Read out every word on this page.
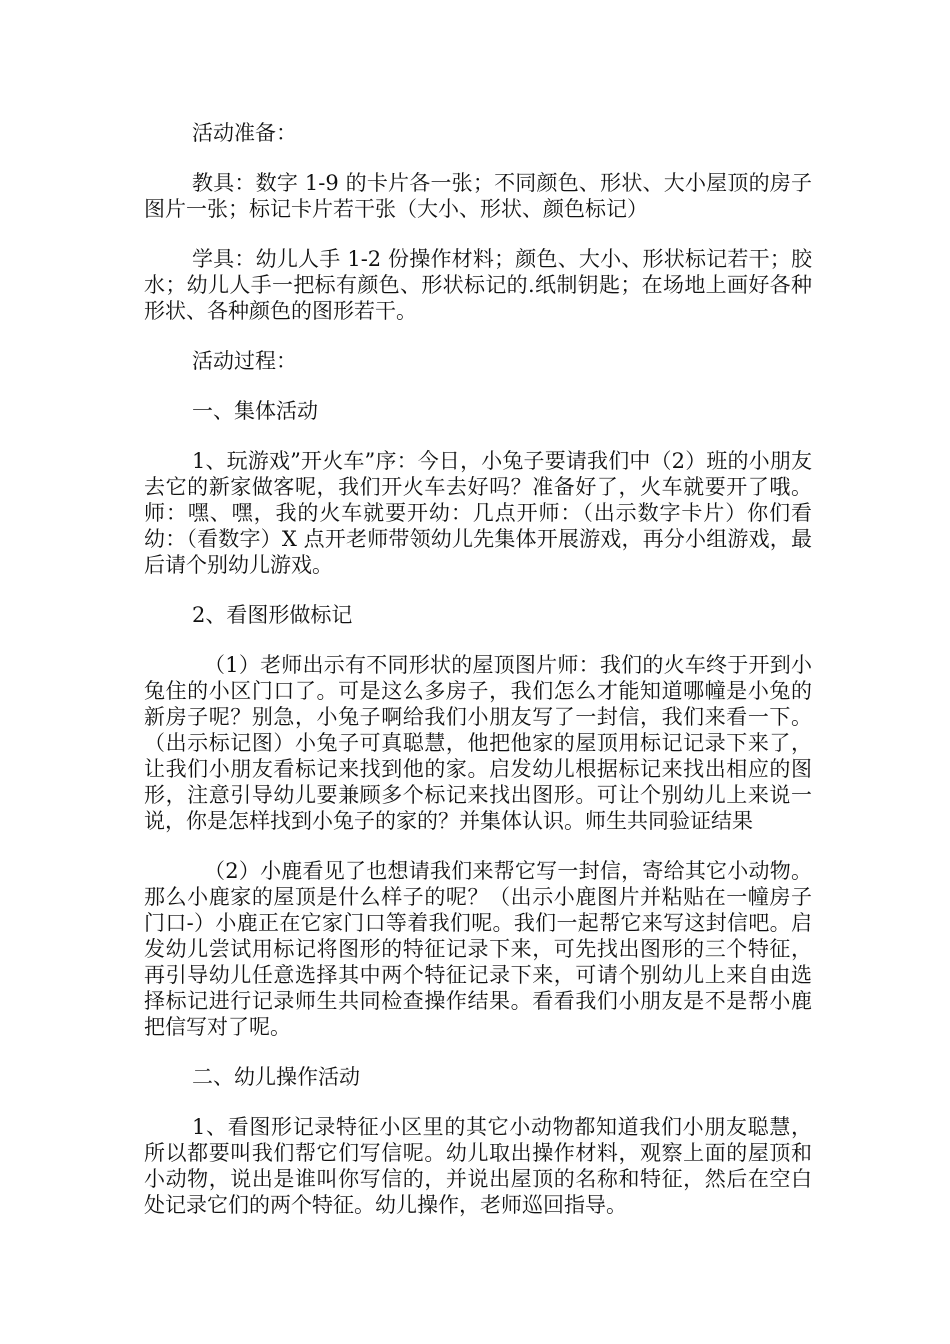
活动准备：

教具：数字 1-9 的卡片各一张；不同颜色、形状、大小屋顶的房子图片一张；标记卡片若干张（大小、形状、颜色标记）

学具：幼儿人手 1-2 份操作材料；颜色、大小、形状标记若干；胶水；幼儿人手一把标有颜色、形状标记的.纸制钥匙；在场地上画好各种形状、各种颜色的图形若干。

活动过程：

一、集体活动

1、玩游戏”开火车”序：今日，小兔子要请我们中（2）班的小朋友去它的新家做客呢，我们开火车去好吗？准备好了，火车就要开了哦。师：嘿、嘿，我的火车就要开幼：几点开师：（出示数字卡片）你们看幼：（看数字）X 点开老师带领幼儿先集体开展游戏，再分小组游戏，最后请个别幼儿游戏。

2、看图形做标记

（1）老师出示有不同形状的屋顶图片师：我们的火车终于开到小兔住的小区门口了。可是这么多房子，我们怎么才能知道哪幢是小兔的新房子呢？别急，小兔子啊给我们小朋友写了一封信，我们来看一下。（出示标记图）小兔子可真聪慧，他把他家的屋顶用标记记录下来了，让我们小朋友看标记来找到他的家。启发幼儿根据标记来找出相应的图形，注意引导幼儿要兼顾多个标记来找出图形。可让个别幼儿上来说一说，你是怎样找到小兔子的家的？并集体认识。师生共同验证结果

（2）小鹿看见了也想请我们来帮它写一封信，寄给其它小动物。那么小鹿家的屋顶是什么样子的呢？（出示小鹿图片并粘贴在一幢房子门口-）小鹿正在它家门口等着我们呢。我们一起帮它来写这封信吧。启发幼儿尝试用标记将图形的特征记录下来，可先找出图形的三个特征，再引导幼儿任意选择其中两个特征记录下来，可请个别幼儿上来自由选择标记进行记录师生共同检查操作结果。看看我们小朋友是不是帮小鹿把信写对了呢。

二、幼儿操作活动

1、看图形记录特征小区里的其它小动物都知道我们小朋友聪慧，所以都要叫我们帮它们写信呢。幼儿取出操作材料，观察上面的屋顶和小动物，说出是谁叫你写信的，并说出屋顶的名称和特征，然后在空白处记录它们的两个特征。幼儿操作，老师巡回指导。
